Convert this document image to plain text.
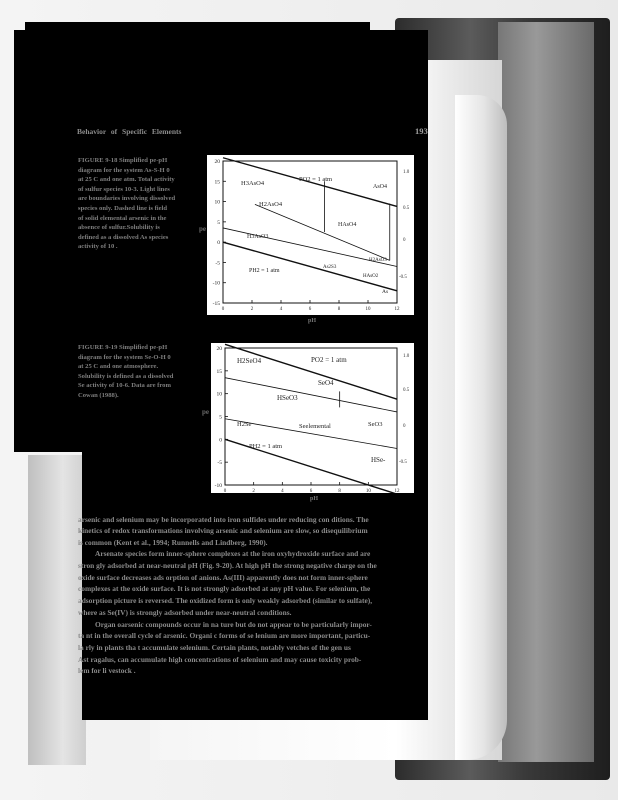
Behavior of Specific Elements	193
FIGURE 9-18 Simplified pe-pH
diagram for the system As-S-H 0
at 25 C and one atm. Total activity
of sulfur species 10-3. Light lines
are boundaries involving dissolved
species only. Dashed line is field
of solid elemental arsenic in the
absence of sulfur.Solubility is
defined as a dissolved As species
activity of 10 .
pe
20
15
10
5
0
-5
-10
-15
0	2	4	6	8	10	12
H3AsO4
PO2 = 1 atm
AsO4
H2AsO4
HAsO4
H3AsO3
H2AsO3
As2S3
PH2 = 1 atm
HAsO2
As
1.0
0.5
0
-0.5
pH
FIGURE 9-19 Simplified pe-pH
diagram for the system Se-O-H 0
at 25 C and one atmosphere.
Solubility is defined as a dissolved
Se activity of 10-6. Data are from
Cowan (1988).
pe
20
15
10
5
0
-5
-10
0	2	4	6	8	10	12
H2SeO4	PO2 = 1 atm
SeO4
HSeO3
SeO3
H2Se	Seelemental
PH2 = 1 atm
HSe-
1.0
0.5
0
-0.5
pH
arsenic and selenium may be incorporated into iron sulfides under reducing con ditions. The
kinetics of redox transformations involving arsenic and selenium are slow, so disequilibrium
is common (Kent et al., 1994; Runnells and Lindberg, 1990).
Arsenate species form inner-sphere complexes at the iron oxyhydroxide surface and are
stron gly adsorbed at near-neutral pH (Fig. 9-20). At high pH the strong negative charge on the
oxide surface decreases ads orption of anions. As(III) apparently does not form inner-sphere
complexes at the oxide surface. It is not strongly adsorbed at any pH value. For selenium, the
adsorption picture is reversed. The oxidized form is only weakly adsorbed (similar to sulfate),
where as Se(IV) is strongly adsorbed under near-neutral conditions.
Organ oarsenic compounds occur in na ture but do not appear to be particularly impor-
ta nt in the overall cycle of arsenic. Organi c forms of se lenium are more important, particu-
la rly in plants tha t accumulate selenium. Certain plants, notably vetches of the gen us
Ast ragalus, can accumulate high concentrations of selenium and may cause toxicity prob-
lem for li vestock .
